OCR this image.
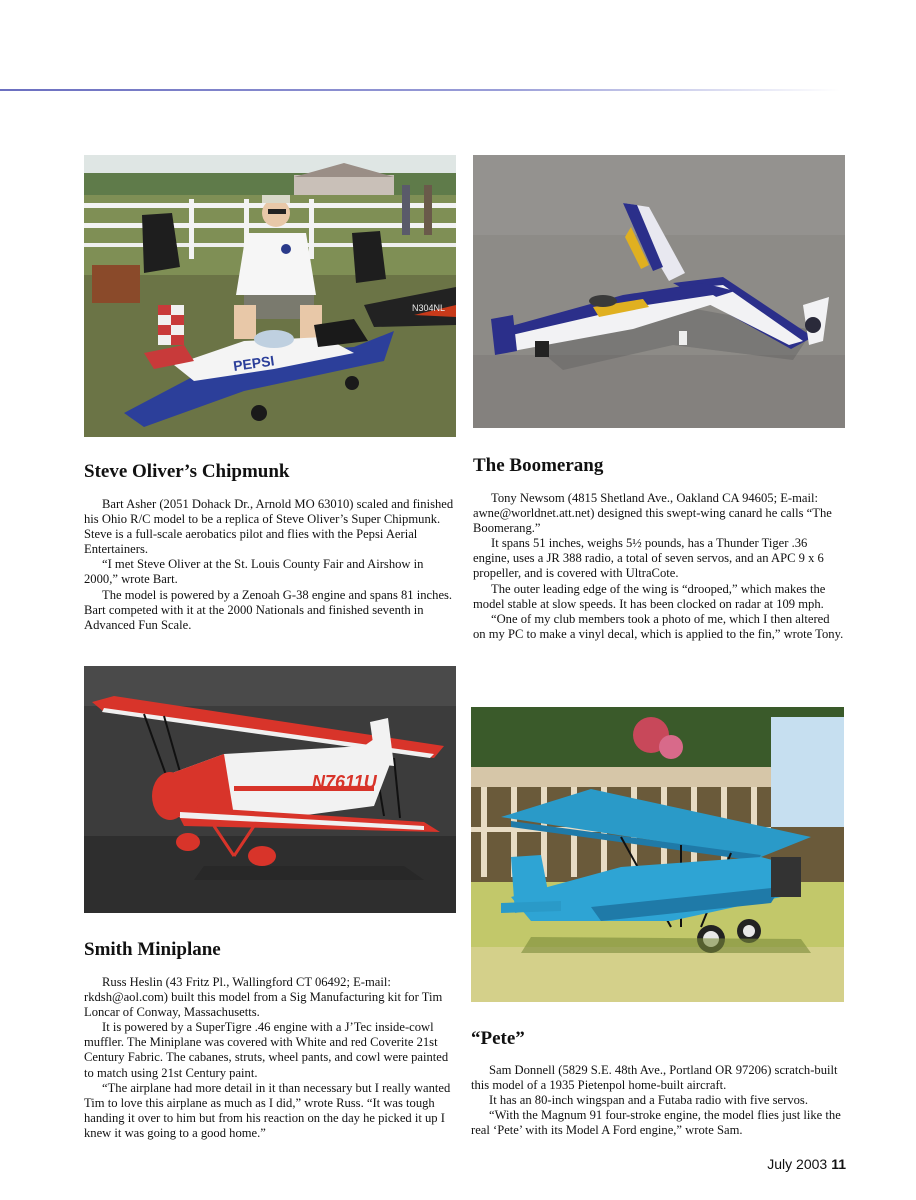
N304NL
PEPSI
Steve Oliver’s Chipmunk

Bart Asher (2051 Dohack Dr., Arnold MO 63010) scaled and finished his Ohio R/C model to be a replica of Steve Oliver’s Super Chipmunk. Steve is a full-scale aerobatics pilot and flies with the Pepsi Aerial Entertainers.

“I met Steve Oliver at the St. Louis County Fair and Airshow in 2000,” wrote Bart.

The model is powered by a Zenoah G-38 engine and spans 81 inches. Bart competed with it at the 2000 Nationals and finished seventh in Advanced Fun Scale.

The Boomerang

Tony Newsom (4815 Shetland Ave., Oakland CA 94605; E-mail: awne@worldnet.att.net) designed this swept-wing canard he calls “The Boomerang.”

It spans 51 inches, weighs 5½ pounds, has a Thunder Tiger .36 engine, uses a JR 388 radio, a total of seven servos, and an APC 9 x 6 propeller, and is covered with UltraCote.

The outer leading edge of the wing is “drooped,” which makes the model stable at slow speeds. It has been clocked on radar at 109 mph.

“One of my club members took a photo of me, which I then altered on my PC to make a vinyl decal, which is applied to the fin,” wrote Tony.

N7611U
Smith Miniplane

Russ Heslin (43 Fritz Pl., Wallingford CT 06492; E-mail: rkdsh@aol.com) built this model from a Sig Manufacturing kit for Tim Loncar of Conway, Massachusetts.

It is powered by a SuperTigre .46 engine with a J’Tec inside-cowl muffler. The Miniplane was covered with White and red Coverite 21st Century Fabric. The cabanes, struts, wheel pants, and cowl were painted to match using 21st Century paint.

“The airplane had more detail in it than necessary but I really wanted Tim to love this airplane as much as I did,” wrote Russ. “It was tough handing it over to him but from his reaction on the day he picked it up I knew it was going to a good home.”

“Pete”

Sam Donnell (5829 S.E. 48th Ave., Portland OR 97206) scratch-built this model of a 1935 Pietenpol home-built aircraft.

It has an 80-inch wingspan and a Futaba radio with five servos.

“With the Magnum 91 four-stroke engine, the model flies just like the real ‘Pete’ with its Model A Ford engine,” wrote Sam.

July 2003 11
